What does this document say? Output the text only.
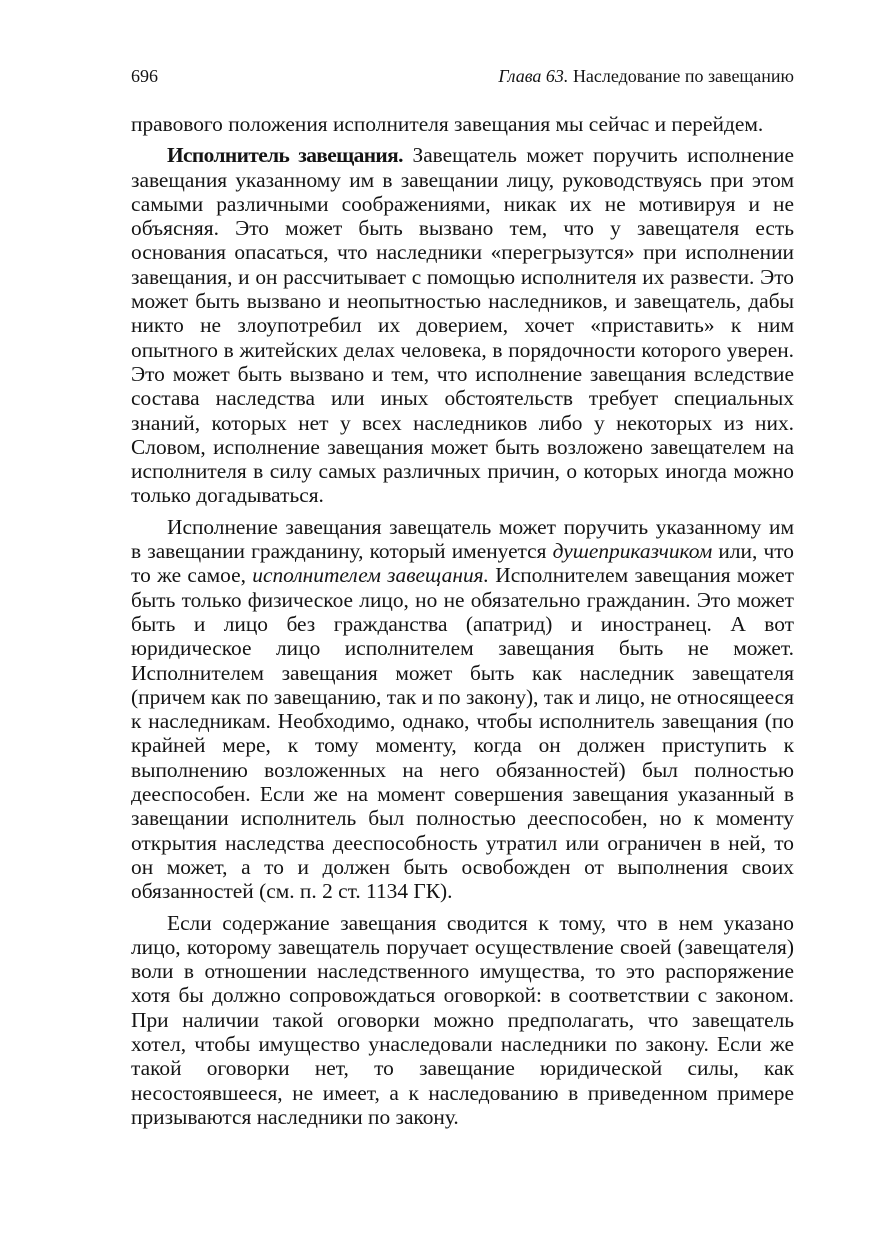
696	Глава 63. Наследование по завещанию

правового положения исполнителя завещания мы сейчас и перейдем.

Исполнитель завещания. Завещатель может поручить исполнение завещания указанному им в завещании лицу, руководствуясь при этом самыми различными соображениями, никак их не мотивируя и не объясняя. Это может быть вызвано тем, что у завещателя есть основания опасаться, что наследники «перегрызутся» при исполнении завещания, и он рассчитывает с помощью исполнителя их развести. Это может быть вызвано и неопытностью наследников, и завещатель, дабы никто не злоупотребил их доверием, хочет «приставить» к ним опытного в житейских делах человека, в порядочности которого уверен. Это может быть вызвано и тем, что исполнение завещания вследствие состава наследства или иных обстоятельств требует специальных знаний, которых нет у всех наследников либо у некоторых из них. Словом, исполнение завещания может быть возложено завещателем на исполнителя в силу самых различных причин, о которых иногда можно только догадываться.

Исполнение завещания завещатель может поручить указанному им в завещании гражданину, который именуется душеприказчиком или, что то же самое, исполнителем завещания. Исполнителем завещания может быть только физическое лицо, но не обязательно гражданин. Это может быть и лицо без гражданства (апатрид) и иностранец. А вот юридическое лицо исполнителем завещания быть не может. Исполнителем завещания может быть как наследник завещателя (причем как по завещанию, так и по закону), так и лицо, не относящееся к наследникам. Необходимо, однако, чтобы исполнитель завещания (по крайней мере, к тому моменту, когда он должен приступить к выполнению возложенных на него обязанностей) был полностью дееспособен. Если же на момент совершения завещания указанный в завещании исполнитель был полностью дееспособен, но к моменту открытия наследства дееспособность утратил или ограничен в ней, то он может, а то и должен быть освобожден от выполнения своих обязанностей (см. п. 2 ст. 1134 ГК).

Если содержание завещания сводится к тому, что в нем указано лицо, которому завещатель поручает осуществление своей (завещателя) воли в отношении наследственного имущества, то это распоряжение хотя бы должно сопровождаться оговоркой: в соответствии с законом. При наличии такой оговорки можно предполагать, что завещатель хотел, чтобы имущество унаследовали наследники по закону. Если же такой оговорки нет, то завещание юридической силы, как несостоявшееся, не имеет, а к наследованию в приведенном примере призываются наследники по закону.
